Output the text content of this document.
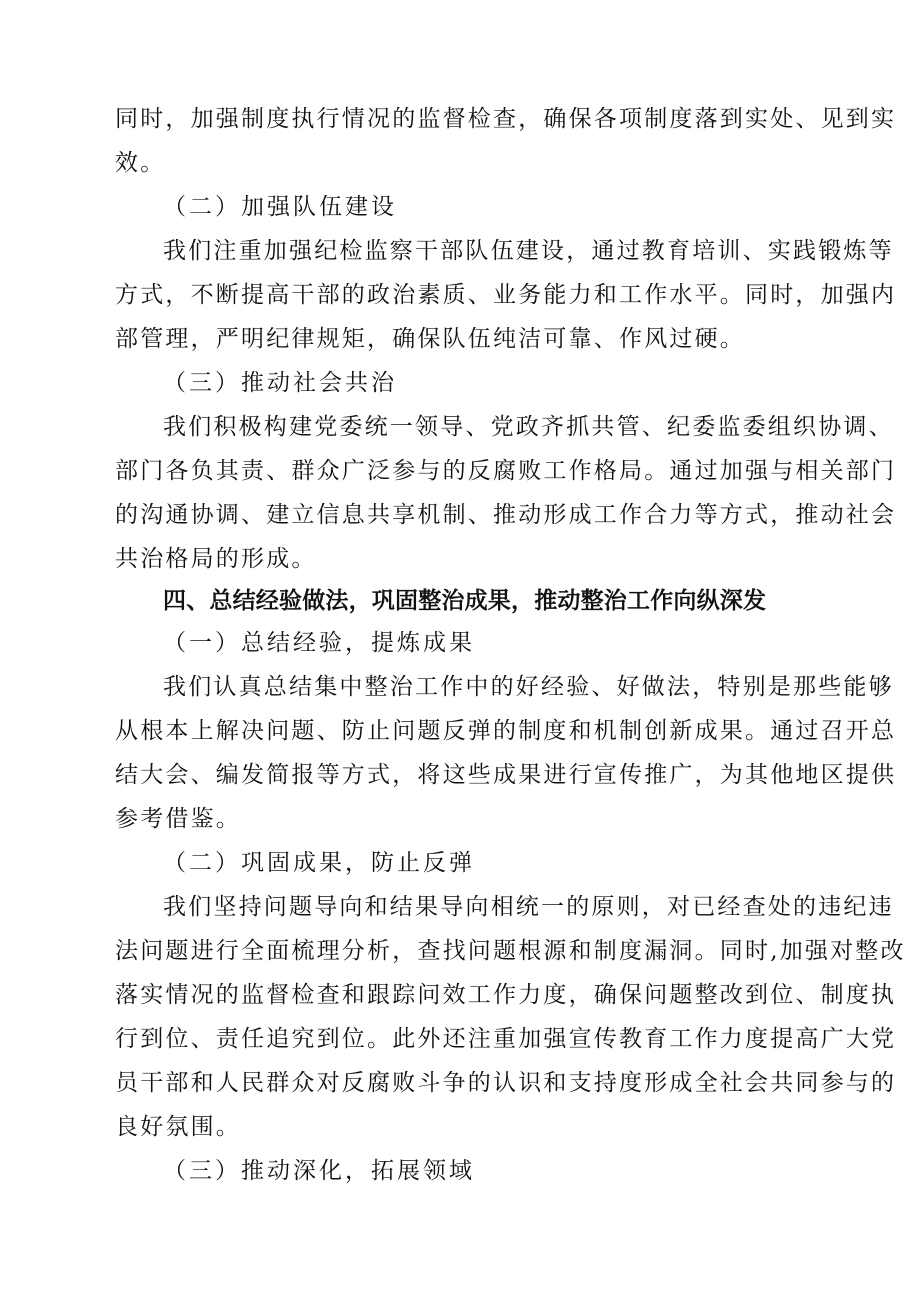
同时，加强制度执行情况的监督检查，确保各项制度落到实处、见到实
效。
（二）加强队伍建设
我们注重加强纪检监察干部队伍建设，通过教育培训、实践锻炼等
方式，不断提高干部的政治素质、业务能力和工作水平。同时，加强内
部管理，严明纪律规矩，确保队伍纯洁可靠、作风过硬。
（三）推动社会共治
我们积极构建党委统一领导、党政齐抓共管、纪委监委组织协调、
部门各负其责、群众广泛参与的反腐败工作格局。通过加强与相关部门
的沟通协调、建立信息共享机制、推动形成工作合力等方式，推动社会
共治格局的形成。
四、总结经验做法，巩固整治成果，推动整治工作向纵深发
（一）总结经验，提炼成果
我们认真总结集中整治工作中的好经验、好做法，特别是那些能够
从根本上解决问题、防止问题反弹的制度和机制创新成果。通过召开总
结大会、编发简报等方式，将这些成果进行宣传推广，为其他地区提供
参考借鉴。
（二）巩固成果，防止反弹
我们坚持问题导向和结果导向相统一的原则，对已经查处的违纪违
法问题进行全面梳理分析，查找问题根源和制度漏洞。同时,加强对整改
落实情况的监督检查和跟踪问效工作力度，确保问题整改到位、制度执
行到位、责任追究到位。此外还注重加强宣传教育工作力度提高广大党
员干部和人民群众对反腐败斗争的认识和支持度形成全社会共同参与的
良好氛围。
（三）推动深化，拓展领域
